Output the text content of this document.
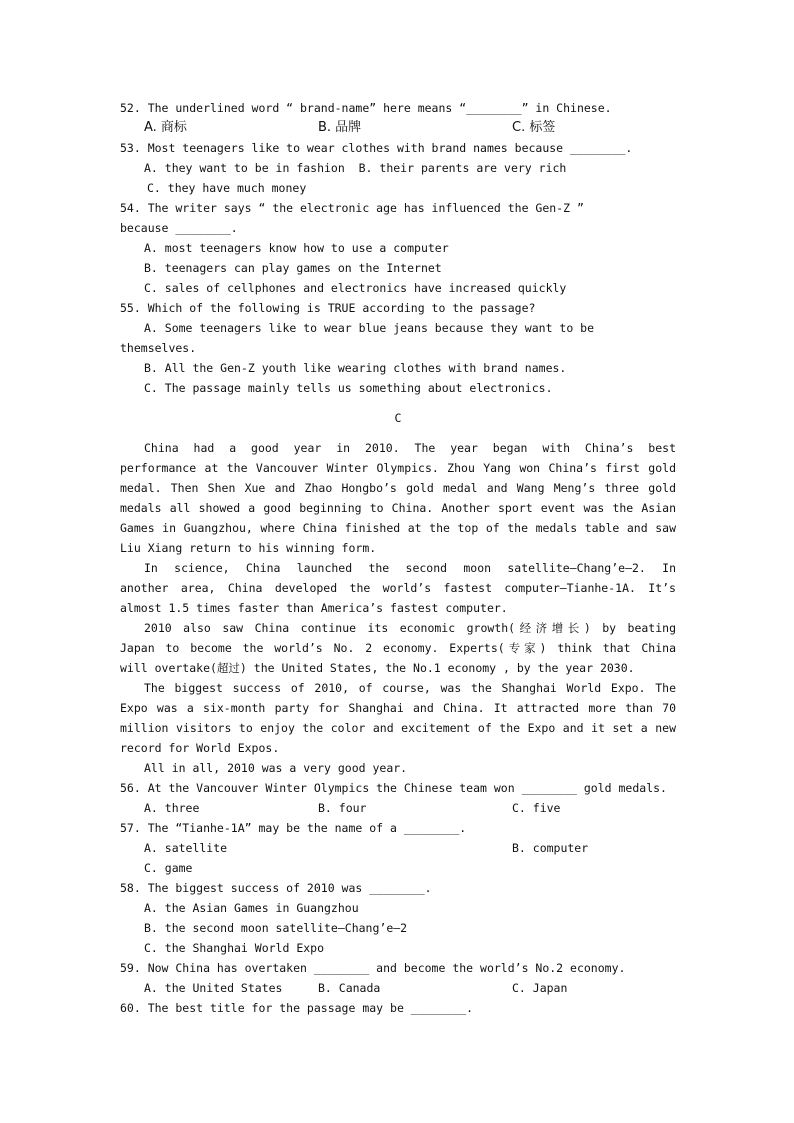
52. The underlined word “ brand-name” here means “________” in Chinese.
A. 商标	B. 品牌	C. 标签
53. Most teenagers like to wear clothes with brand names because ________.
A. they want to be in fashion  B. their parents are very rich
C. they have much money
54. The writer says “ the electronic age has influenced the Gen-Z ”
because ________.
A. most teenagers know how to use a computer
B. teenagers can play games on the Internet
C. sales of cellphones and electronics have increased quickly
55. Which of the following is TRUE according to the passage?
A. Some teenagers like to wear blue jeans because they want to be
themselves.
B. All the Gen-Z youth like wearing clothes with brand names.
C. The passage mainly tells us something about electronics.
C
China had a good year in 2010. The year began with China’s best
performance at the Vancouver Winter Olympics. Zhou Yang won China’s first gold
medal. Then Shen Xue and Zhao Hongbo’s gold medal and Wang Meng’s three gold
medals all showed a good beginning to China. Another sport event was the Asian
Games in Guangzhou, where China finished at the top of the medals table and saw
Liu Xiang return to his winning form.
In science, China launched the second moon satellite—Chang’e–2. In
another area, China developed the world’s fastest computer—Tianhe-1A. It’s
almost 1.5 times faster than America’s fastest computer.
2010 also saw China continue its economic growth(经济增长) by beating
Japan to become the world’s No. 2 economy. Experts(专家) think that China
will overtake(超过) the United States, the No.1 economy , by the year 2030.
The biggest success of 2010, of course, was the Shanghai World Expo. The
Expo was a six-month party for Shanghai and China. It attracted more than 70
million visitors to enjoy the color and excitement of the Expo and it set a new
record for World Expos.
All in all, 2010 was a very good year.
56. At the Vancouver Winter Olympics the Chinese team won ________ gold medals.
A. three	B. four	C. five
57. The “Tianhe-1A” may be the name of a ________.
A. satellite	B. computer
C. game
58. The biggest success of 2010 was ________.
A. the Asian Games in Guangzhou
B. the second moon satellite—Chang’e–2
C. the Shanghai World Expo
59. Now China has overtaken ________ and become the world’s No.2 economy.
A. the United States	B. Canada	C. Japan
60. The best title for the passage may be ________.
